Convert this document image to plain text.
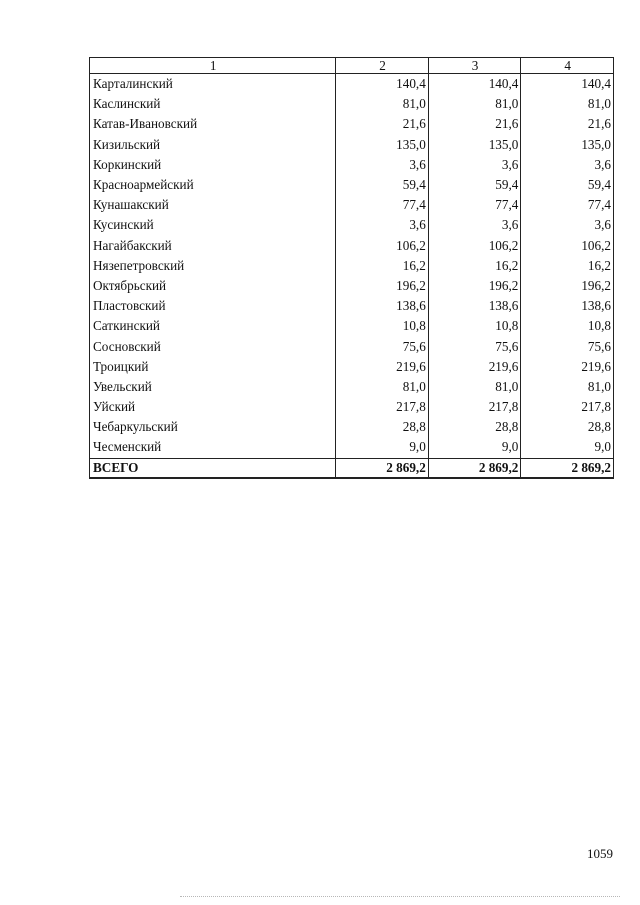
1	2	3	4
Карталинский	140,4	140,4	140,4
Каслинский	81,0	81,0	81,0
Катав-Ивановский	21,6	21,6	21,6
Кизильский	135,0	135,0	135,0
Коркинский	3,6	3,6	3,6
Красноармейский	59,4	59,4	59,4
Кунашакский	77,4	77,4	77,4
Кусинский	3,6	3,6	3,6
Нагайбакский	106,2	106,2	106,2
Нязепетровский	16,2	16,2	16,2
Октябрьский	196,2	196,2	196,2
Пластовский	138,6	138,6	138,6
Саткинский	10,8	10,8	10,8
Сосновский	75,6	75,6	75,6
Троицкий	219,6	219,6	219,6
Увельский	81,0	81,0	81,0
Уйский	217,8	217,8	217,8
Чебаркульский	28,8	28,8	28,8
Чесменский	9,0	9,0	9,0
ВСЕГО	2 869,2	2 869,2	2 869,2
1059
